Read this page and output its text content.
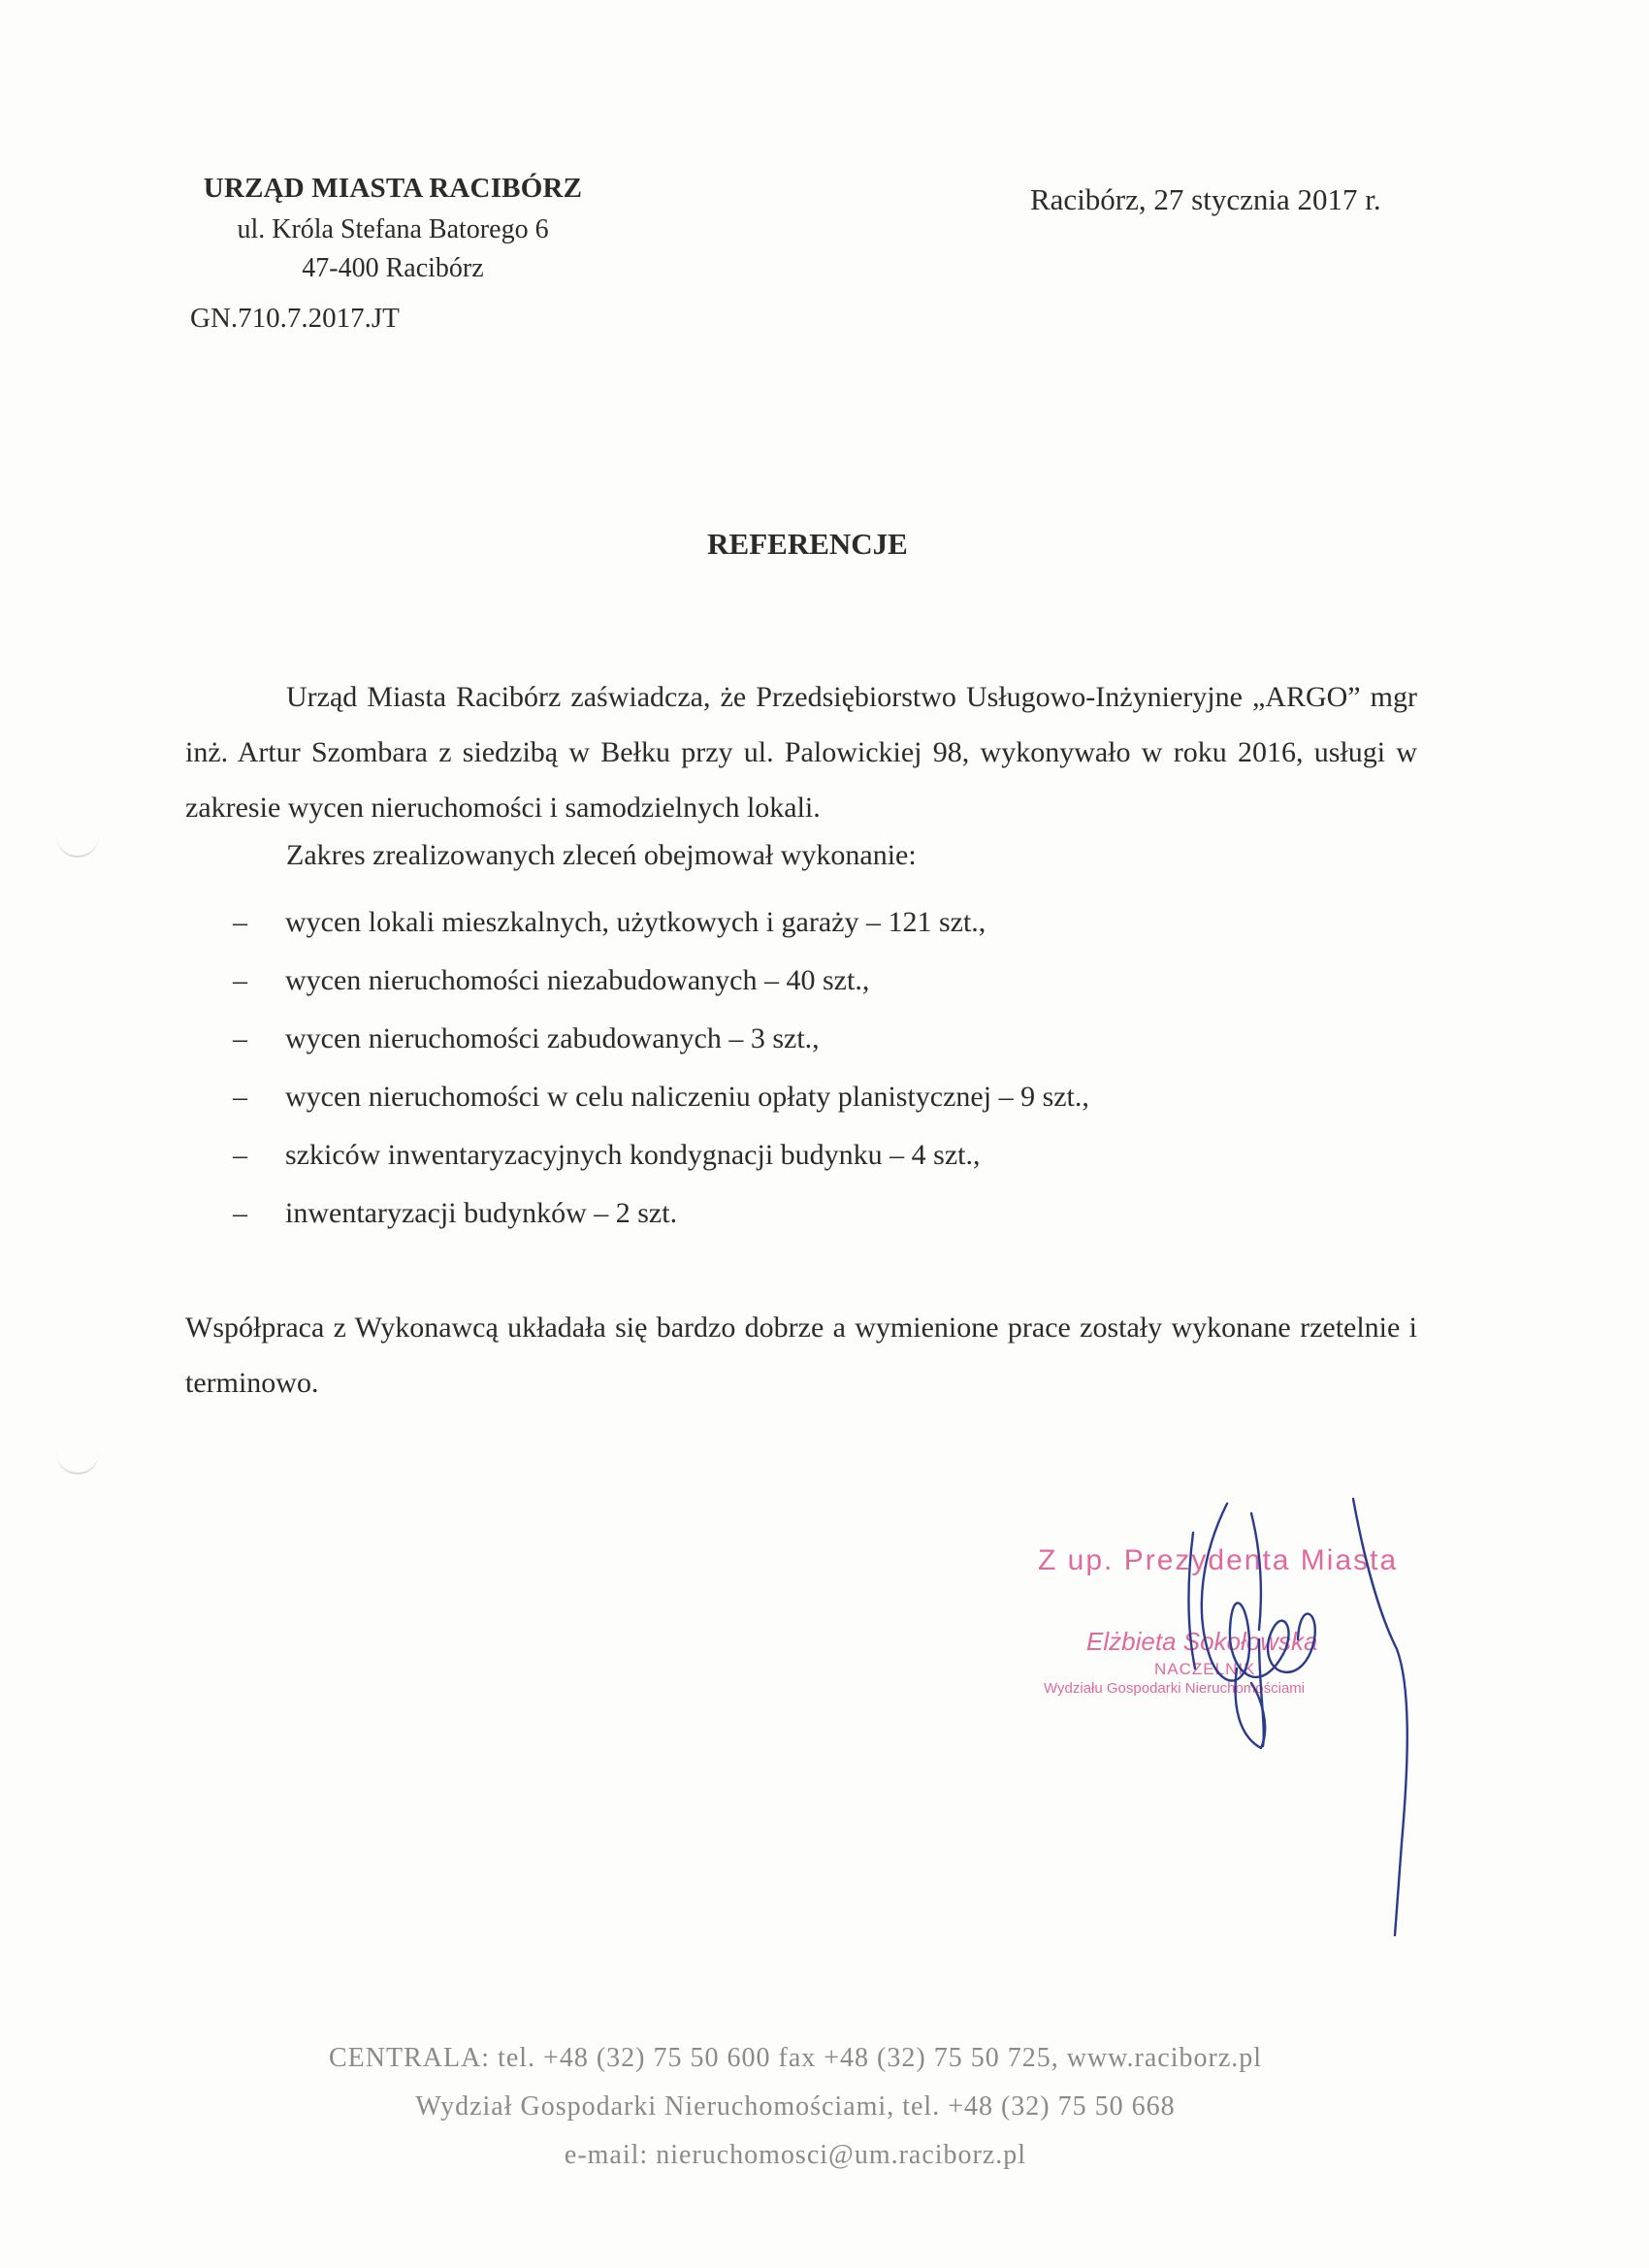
URZĄD MIASTA RACIBÓRZ
ul. Króla Stefana Batorego 6
47-400 Racibórz
GN.710.7.2017.JT
Racibórz, 27 stycznia 2017 r.
REFERENCJE
Urząd Miasta Racibórz zaświadcza, że Przedsiębiorstwo Usługowo-Inżynieryjne „ARGO” mgr inż. Artur Szombara z siedzibą w Bełku przy ul. Palowickiej 98, wykonywało w roku 2016, usługi w zakresie wycen nieruchomości i samodzielnych lokali.
Zakres zrealizowanych zleceń obejmował wykonanie:
– wycen lokali mieszkalnych, użytkowych i garaży – 121 szt.,
– wycen nieruchomości niezabudowanych – 40 szt.,
– wycen nieruchomości zabudowanych – 3 szt.,
– wycen nieruchomości w celu naliczeniu opłaty planistycznej – 9 szt.,
– szkiców inwentaryzacyjnych kondygnacji budynku – 4 szt.,
– inwentaryzacji budynków – 2 szt.
Współpraca z Wykonawcą układała się bardzo dobrze a wymienione prace zostały wykonane rzetelnie i terminowo.
Z up. Prezydenta Miasta
Elżbieta Sokołowska
NACZELNIK
Wydziału Gospodarki Nieruchomościami
CENTRALA: tel. +48 (32) 75 50 600 fax +48 (32) 75 50 725, www.raciborz.pl
Wydział Gospodarki Nieruchomościami, tel. +48 (32) 75 50 668
e-mail: nieruchomosci@um.raciborz.pl
